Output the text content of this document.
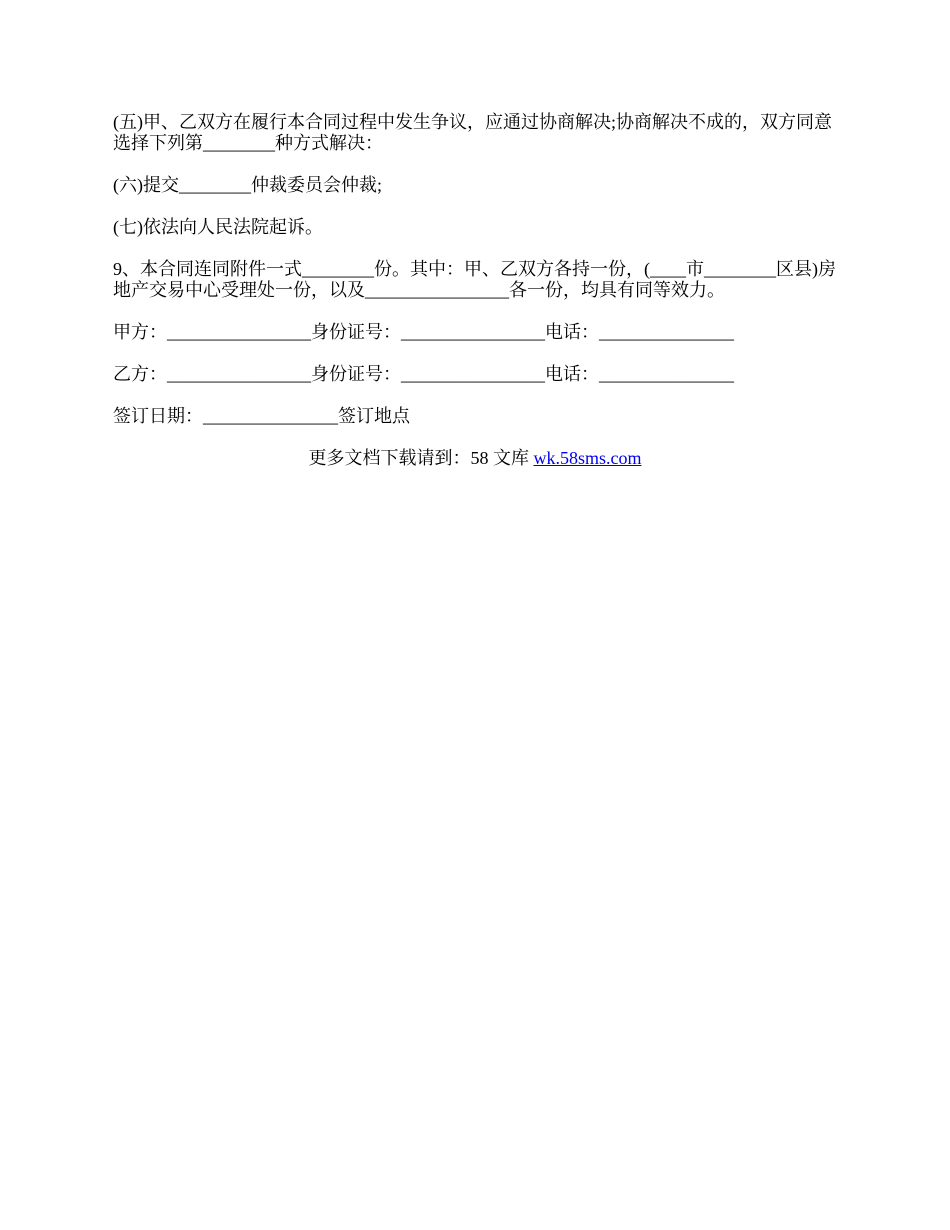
(五)甲、乙双方在履行本合同过程中发生争议，应通过协商解决;协商解决不成的，双方同意选择下列第________种方式解决：

(六)提交________仲裁委员会仲裁;

(七)依法向人民法院起诉。

9、本合同连同附件一式________份。其中：甲、乙双方各持一份，(____市________区县)房地产交易中心受理处一份，以及________________各一份，均具有同等效力。

甲方：________________身份证号：________________电话：_______________

乙方：________________身份证号：________________电话：_______________

签订日期：_______________签订地点

更多文档下载请到：58 文库 wk.58sms.com
